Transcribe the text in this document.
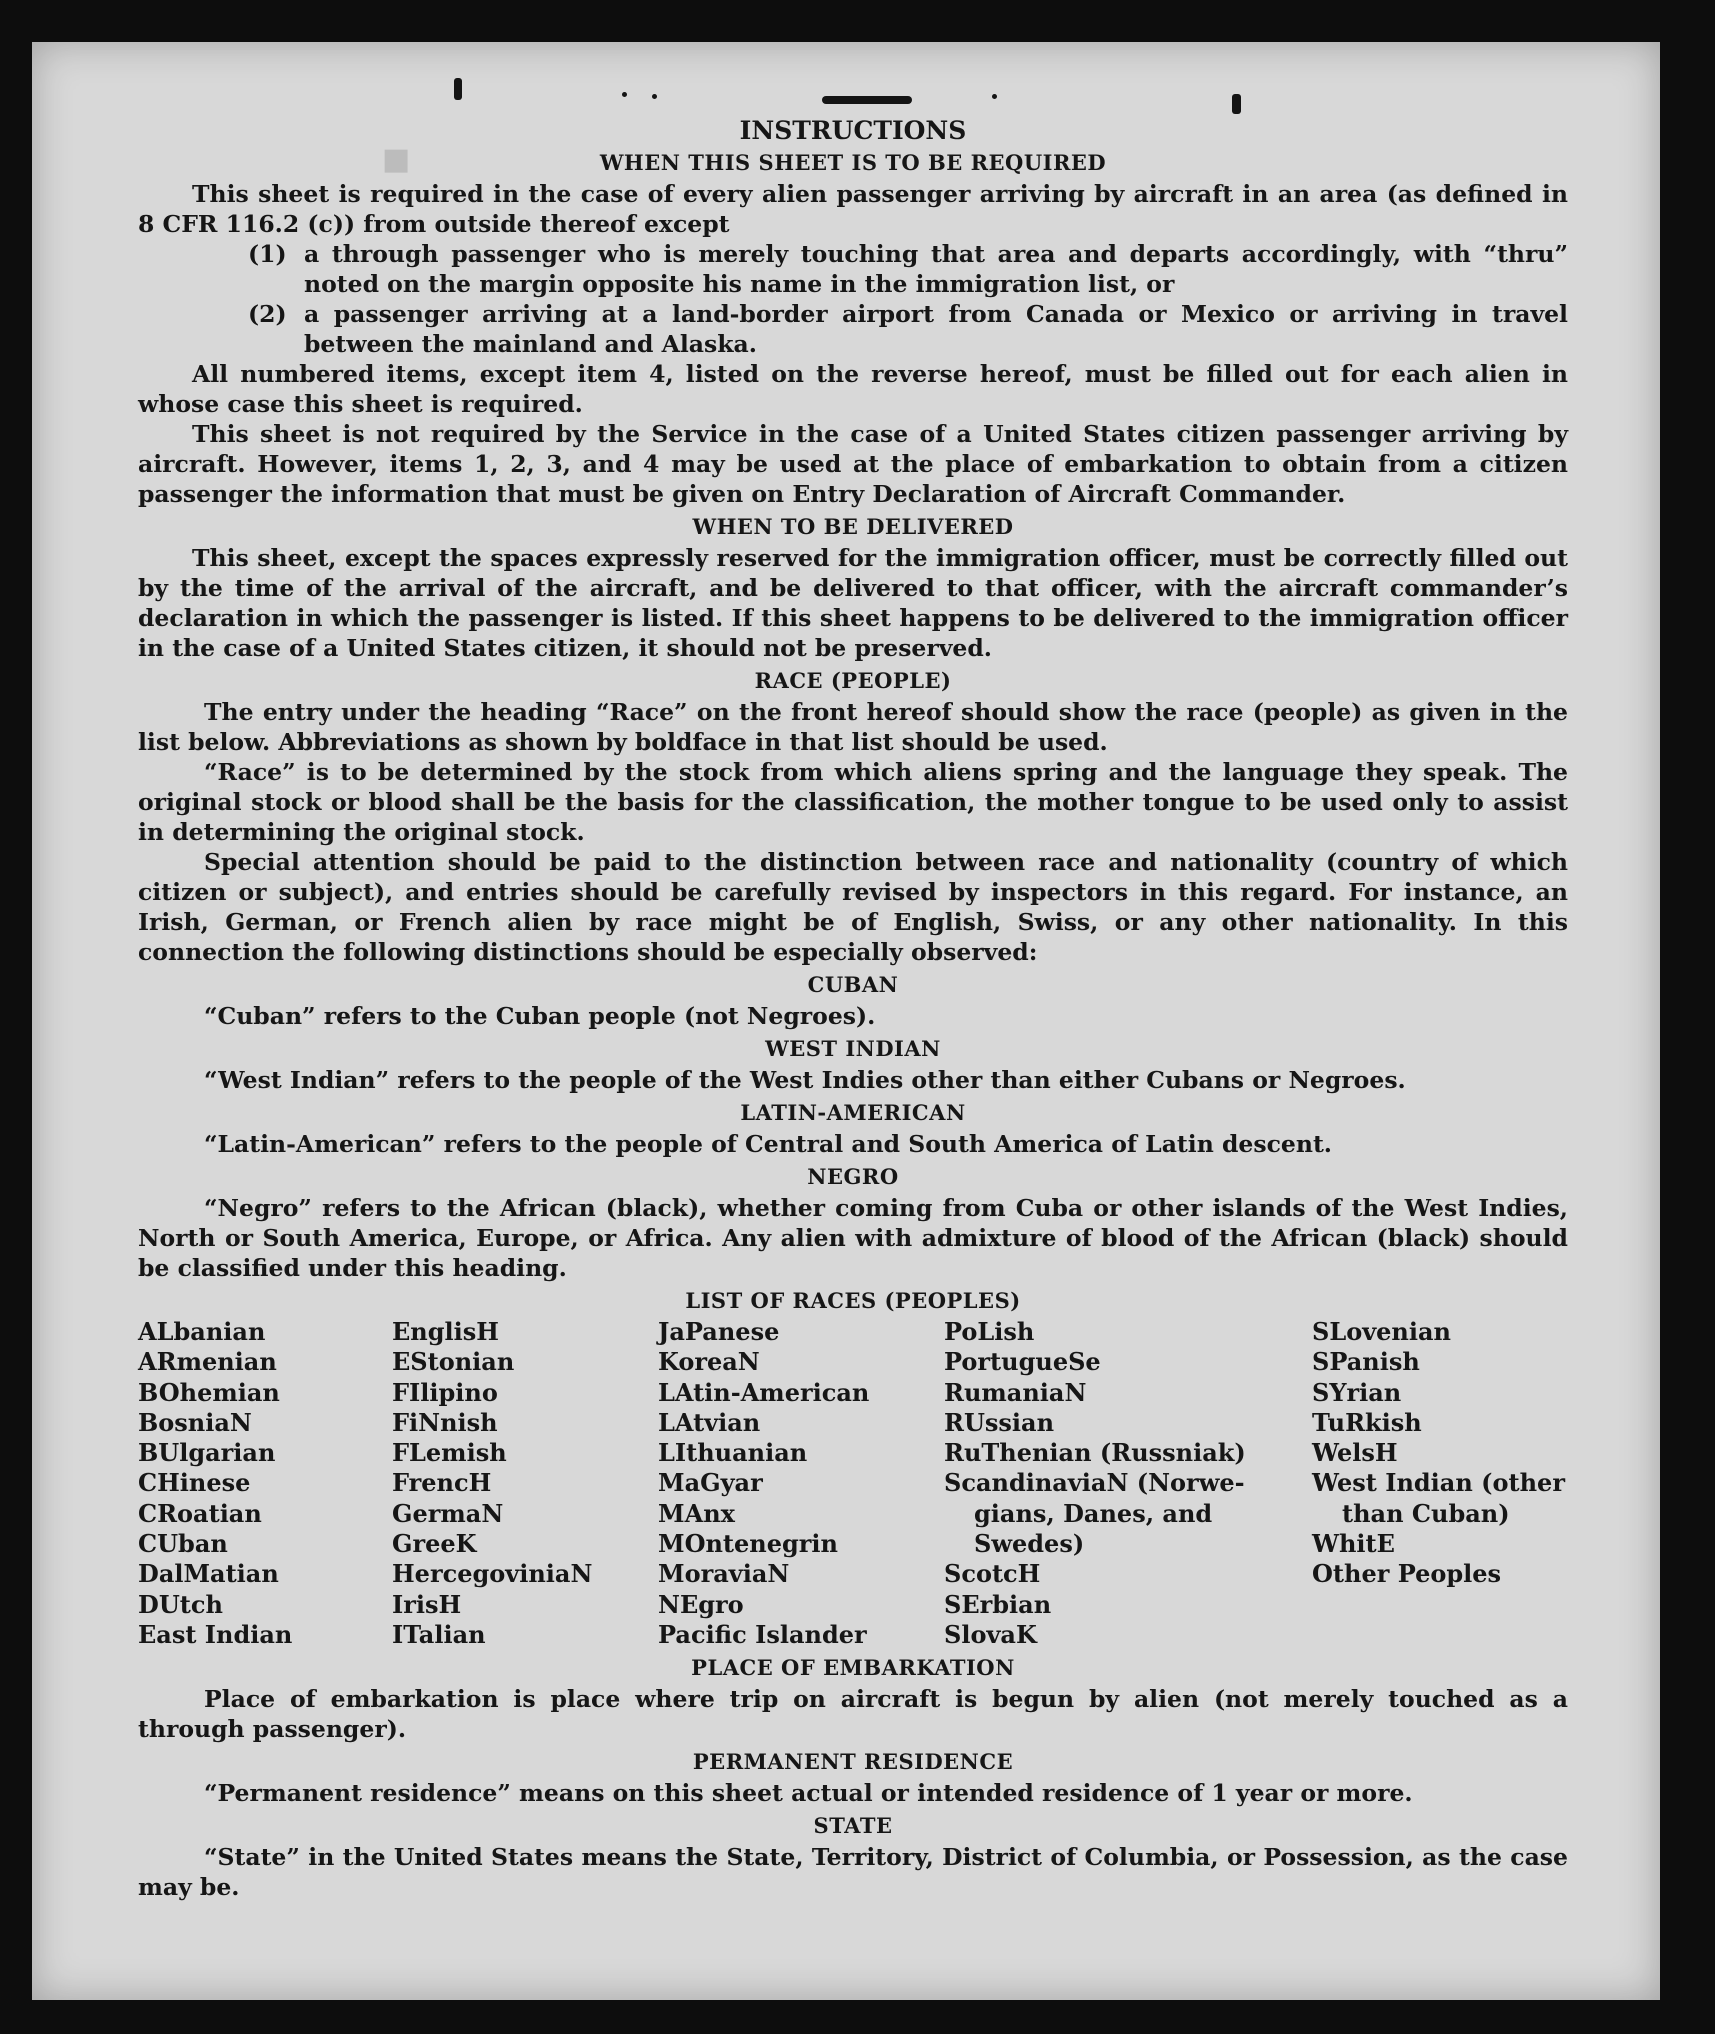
■
INSTRUCTIONS
WHEN THIS SHEET IS TO BE REQUIRED

This sheet is required in the case of every alien passenger arriving by aircraft in an area (as defined in 8 CFR 116.2 (c)) from outside thereof except

(1) a through passenger who is merely touching that area and departs accordingly, with “thru” noted on the margin opposite his name in the immigration list, or
(2) a passenger arriving at a land-border airport from Canada or Mexico or arriving in travel between the mainland and Alaska.

All numbered items, except item 4, listed on the reverse hereof, must be filled out for each alien in whose case this sheet is required.

This sheet is not required by the Service in the case of a United States citizen passenger arriving by aircraft. However, items 1, 2, 3, and 4 may be used at the place of embarkation to obtain from a citizen passenger the information that must be given on Entry Declaration of Aircraft Commander.

WHEN TO BE DELIVERED

This sheet, except the spaces expressly reserved for the immigration officer, must be correctly filled out by the time of the arrival of the aircraft, and be delivered to that officer, with the aircraft commander’s declaration in which the passenger is listed. If this sheet happens to be delivered to the immigration officer in the case of a United States citizen, it should not be preserved.

RACE (PEOPLE)

The entry under the heading “Race” on the front hereof should show the race (people) as given in the list below. Abbreviations as shown by boldface in that list should be used.

“Race” is to be determined by the stock from which aliens spring and the language they speak. The original stock or blood shall be the basis for the classification, the mother tongue to be used only to assist in determining the original stock.

Special attention should be paid to the distinction between race and nationality (country of which citizen or subject), and entries should be carefully revised by inspectors in this regard. For instance, an Irish, German, or French alien by race might be of English, Swiss, or any other nationality. In this connection the following distinctions should be especially observed:

CUBAN

“Cuban” refers to the Cuban people (not Negroes).

WEST INDIAN

“West Indian” refers to the people of the West Indies other than either Cubans or Negroes.

LATIN-AMERICAN

“Latin-American” refers to the people of Central and South America of Latin descent.

NEGRO

“Negro” refers to the African (black), whether coming from Cuba or other islands of the West Indies, North or South America, Europe, or Africa. Any alien with admixture of blood of the African (black) should be classified under this heading.

LIST OF RACES (PEOPLES)
ALbanian
ARmenian
BOhemian
BosniaN
BUlgarian
CHinese
CRoatian
CUban
DalMatian
DUtch
East Indian
EnglisH
EStonian
FIlipino
FiNnish
FLemish
FrencH
GermaN
GreeK
HercegoviniaN
IrisH
ITalian
JaPanese
KoreaN
LAtin-American
LAtvian
LIthuanian
MaGyar
MAnx
MOntenegrin
MoraviaN
NEgro
Pacific Islander
PoLish
PortugueSe
RumaniaN
RUssian
RuThenian (Russniak)
ScandinaviaN (Norwe-
gians, Danes, and
Swedes)
ScotcH
SErbian
SlovaK
SLovenian
SPanish
SYrian
TuRkish
WelsH
West Indian (other
than Cuban)
WhitE
Other Peoples
PLACE OF EMBARKATION

Place of embarkation is place where trip on aircraft is begun by alien (not merely touched as a through passenger).

PERMANENT RESIDENCE

“Permanent residence” means on this sheet actual or intended residence of 1 year or more.

STATE

“State” in the United States means the State, Territory, District of Columbia, or Possession, as the case may be.
